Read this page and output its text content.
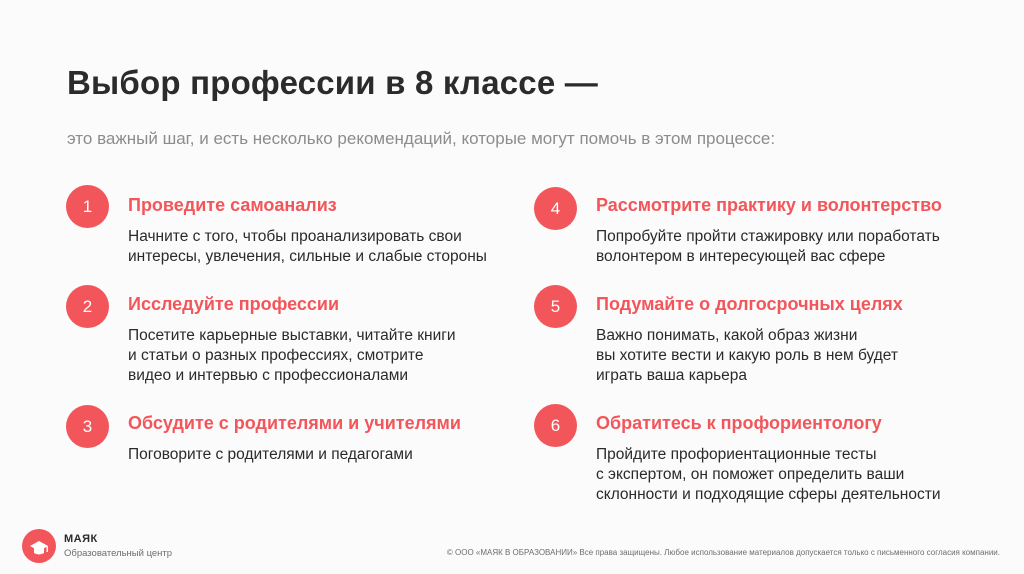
Выбор профессии в 8 классе —
это важный шаг, и есть несколько рекомендаций, которые могут помочь в этом процессе:
1	Проведите самоанализ
Начните с того, чтобы проанализировать свои
интересы, увлечения, сильные и слабые стороны
2	Исследуйте профессии
Посетите карьерные выставки, читайте книги
и статьи о разных профессиях, смотрите
видео и интервью с профессионалами
3	Обсудите с родителями и учителями
Поговорите с родителями и педагогами
4	Рассмотрите практику и волонтерство
Попробуйте пройти стажировку или поработать
волонтером в интересующей вас сфере
5	Подумайте о долгосрочных целях
Важно понимать, какой образ жизни
вы хотите вести и какую роль в нем будет
играть ваша карьера
6	Обратитесь к профориентологу
Пройдите профориентационные тесты
с экспертом, он поможет определить ваши
склонности и подходящие сферы деятельности
МАЯК
Образовательный центр	© ООО «МАЯК В ОБРАЗОВАНИИ» Все права защищены. Любое использование материалов допускается только с письменного согласия компании.
